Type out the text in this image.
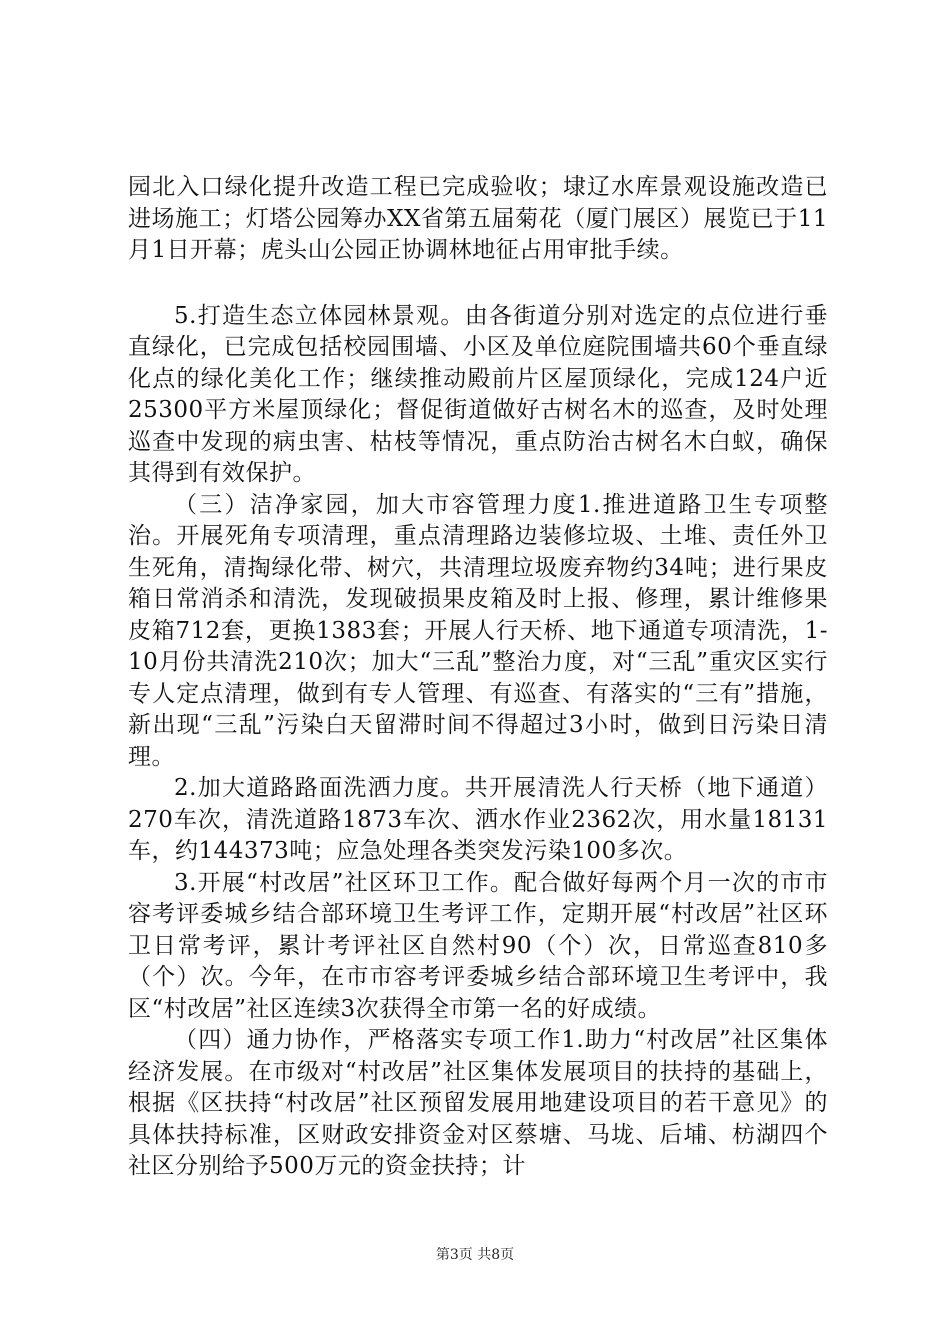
园北入口绿化提升改造工程已完成验收；埭辽水库景观设施改造已进场施工；灯塔公园筹办XX省第五届菊花（厦门展区）展览已于11月1日开幕；虎头山公园正协调林地征占用审批手续。

5.打造生态立体园林景观。由各街道分别对选定的点位进行垂直绿化，已完成包括校园围墙、小区及单位庭院围墙共60个垂直绿化点的绿化美化工作；继续推动殿前片区屋顶绿化，完成124户近25300平方米屋顶绿化；督促街道做好古树名木的巡查，及时处理巡查中发现的病虫害、枯枝等情况，重点防治古树名木白蚁，确保其得到有效保护。

（三）洁净家园，加大市容管理力度1.推进道路卫生专项整治。开展死角专项清理，重点清理路边装修垃圾、土堆、责任外卫生死角，清掏绿化带、树穴，共清理垃圾废弃物约34吨；进行果皮箱日常消杀和清洗，发现破损果皮箱及时上报、修理，累计维修果皮箱712套，更换1383套；开展人行天桥、地下通道专项清洗，1-10月份共清洗210次；加大“三乱”整治力度，对“三乱”重灾区实行专人定点清理，做到有专人管理、有巡查、有落实的“三有”措施，新出现“三乱”污染白天留滞时间不得超过3小时，做到日污染日清理。

2.加大道路路面洗洒力度。共开展清洗人行天桥（地下通道）270车次，清洗道路1873车次、洒水作业2362次，用水量18131车，约144373吨；应急处理各类突发污染100多次。

3.开展“村改居”社区环卫工作。配合做好每两个月一次的市市容考评委城乡结合部环境卫生考评工作，定期开展“村改居”社区环卫日常考评，累计考评社区自然村90（个）次，日常巡查810多（个）次。今年，在市市容考评委城乡结合部环境卫生考评中，我区“村改居”社区连续3次获得全市第一名的好成绩。

（四）通力协作，严格落实专项工作1.助力“村改居”社区集体经济发展。在市级对“村改居”社区集体发展项目的扶持的基础上，根据《区扶持“村改居”社区预留发展用地建设项目的若干意见》的具体扶持标准，区财政安排资金对区蔡塘、马垅、后埔、枋湖四个社区分别给予500万元的资金扶持；计

第3页 共8页
